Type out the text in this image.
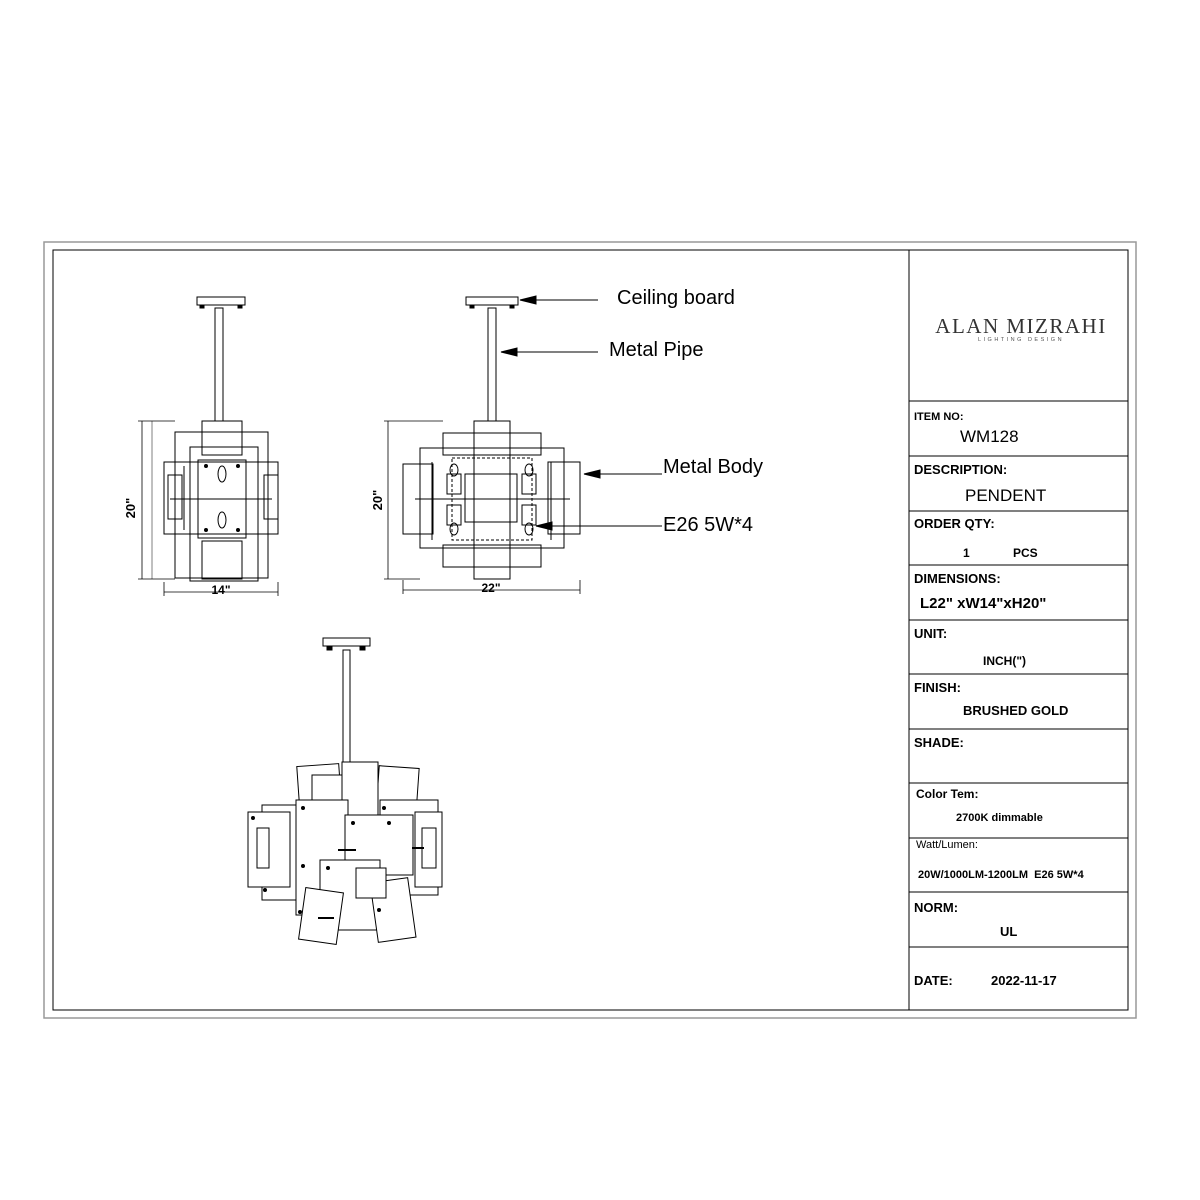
ALAN MIZRAHI
LIGHTING DESIGN
ITEM NO:
WM128
DESCRIPTION:
PENDENT
ORDER QTY:
1	PCS
DIMENSIONS:
L22" xW14"xH20"
UNIT:
INCH(")
FINISH:
BRUSHED GOLD
SHADE:
Color Tem:
2700K dimmable
Watt/Lumen:
20W/1000LM-1200LM  E26 5W*4
NORM:
UL
DATE:	2022-11-17
20"
14"
20"
22"
Ceiling board
Metal Pipe
Metal Body
E26 5W*4
